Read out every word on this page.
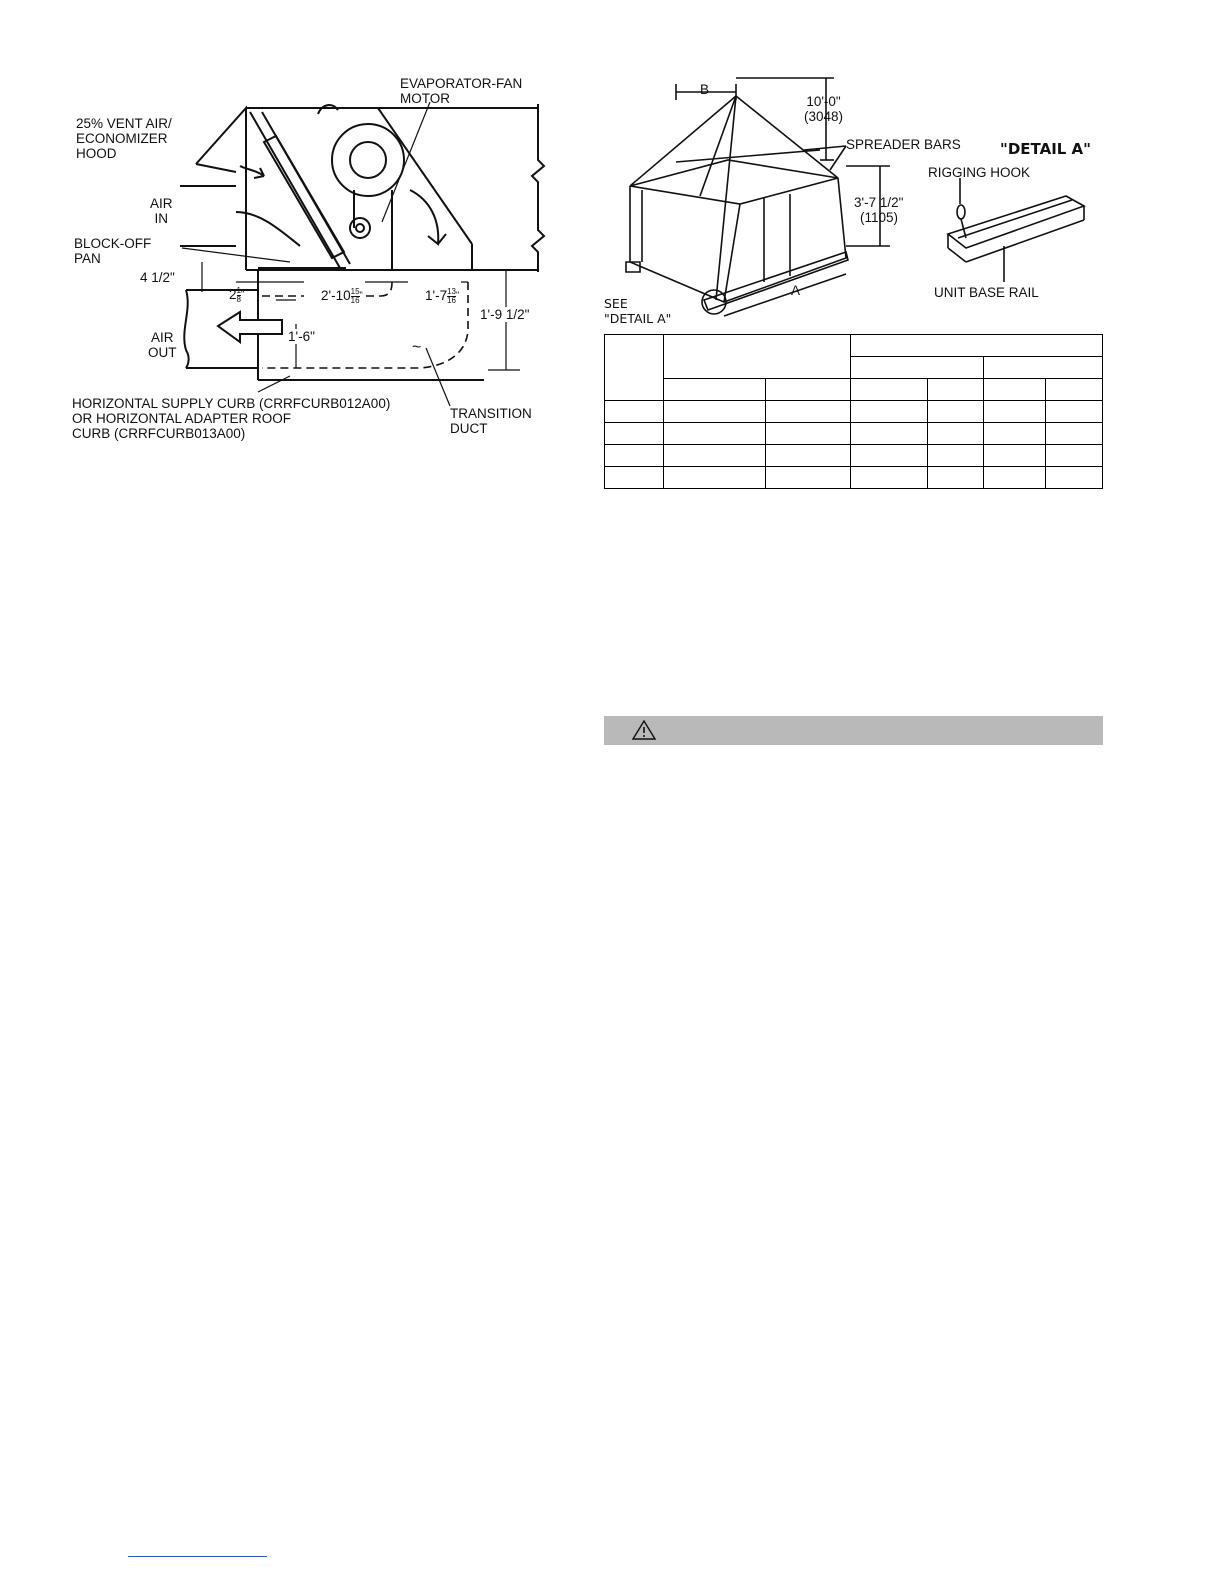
~
EVAPORATOR-FAN
MOTOR
25% VENT AIR/
ECONOMIZER
HOOD
AIR
IN
BLOCK-OFF
PAN
4 1/2"

$2 \frac{1}{8} ^"$
	$2'-10 \frac{15}{16} ^"$
	$1'-7 \frac{13}{16} ^"$

1'-9 1/2"
AIR
OUT
1'-6"
HORIZONTAL SUPPLY CURB (CRRFCURB012A00)
OR HORIZONTAL ADAPTER ROOF
CURB (CRRFCURB013A00)
TRANSITION
DUCT
B
10'-0"
(3048)
SPREADER BARS	"DETAIL A"
RIGGING HOOK
3'-7 1/2"
(1105)
A	UNIT BASE RAIL
SEE
"DETAIL A"
